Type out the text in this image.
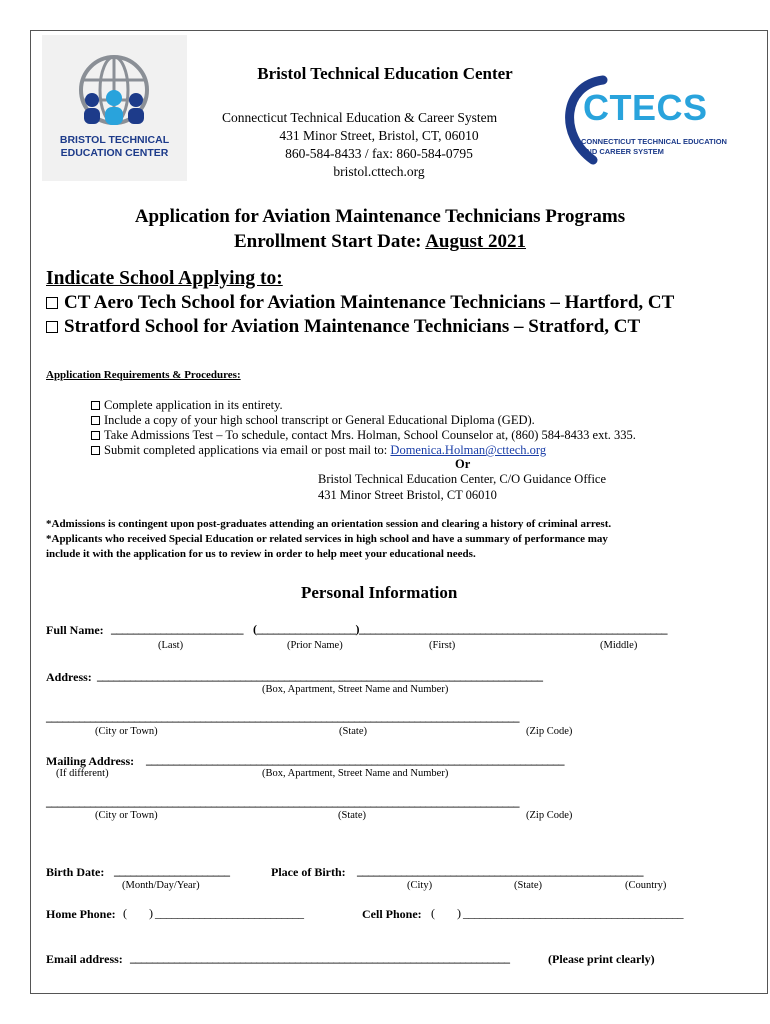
BRISTOL TECHNICAL
EDUCATION CENTER
CTECS
CONNECTICUT TECHNICAL EDUCATION
AND CAREER SYSTEM
Bristol Technical Education Center
Connecticut Technical Education & Career System
431 Minor Street, Bristol, CT, 06010
860-584-8433 / fax: 860-584-0795
bristol.cttech.org
Application for Aviation Maintenance Technicians Programs
Enrollment Start Date: August 2021
Indicate School Applying to:
CT Aero Tech School for Aviation Maintenance Technicians – Hartford, CT
Stratford School for Aviation Maintenance Technicians – Stratford, CT
Application Requirements & Procedures:
Complete application in its entirety.
Include a copy of your high school transcript or General Educational Diploma (GED).
Take Admissions Test – To schedule, contact Mrs. Holman, School Counselor at, (860) 584-8433 ext. 335.
Submit completed applications via email or post mail to: Domenica.Holman@cttech.org
Or
Bristol Technical Education Center, C/O Guidance Office
431 Minor Street Bristol, CT 06010
*Admissions is contingent upon post-graduates attending an orientation session and clearing a history of criminal arrest.
*Applicants who received Special Education or related services in high school and have a summary of performance may
include it with the application for us to review in order to help meet your educational needs.
Personal Information
Full Name: ________________________ (__________________)________________________________________________________
(Last)	(Prior Name)	(First)	(Middle)
Address: _________________________________________________________________________________
(Box, Apartment, Street Name and Number)
______________________________________________________________________________________
(City or Town)	(State)	(Zip Code)
Mailing Address: ____________________________________________________________________________
(If different)	(Box, Apartment, Street Name and Number)
______________________________________________________________________________________
(City or Town)	(State)	(Zip Code)
Birth Date: _____________________
(Month/Day/Year)
Place of Birth: ____________________________________________________
(City)	(State)	(Country)
Home Phone: (         ) ___________________________	Cell Phone: (         ) ________________________________________
Email address: _____________________________________________________________________	(Please print clearly)
